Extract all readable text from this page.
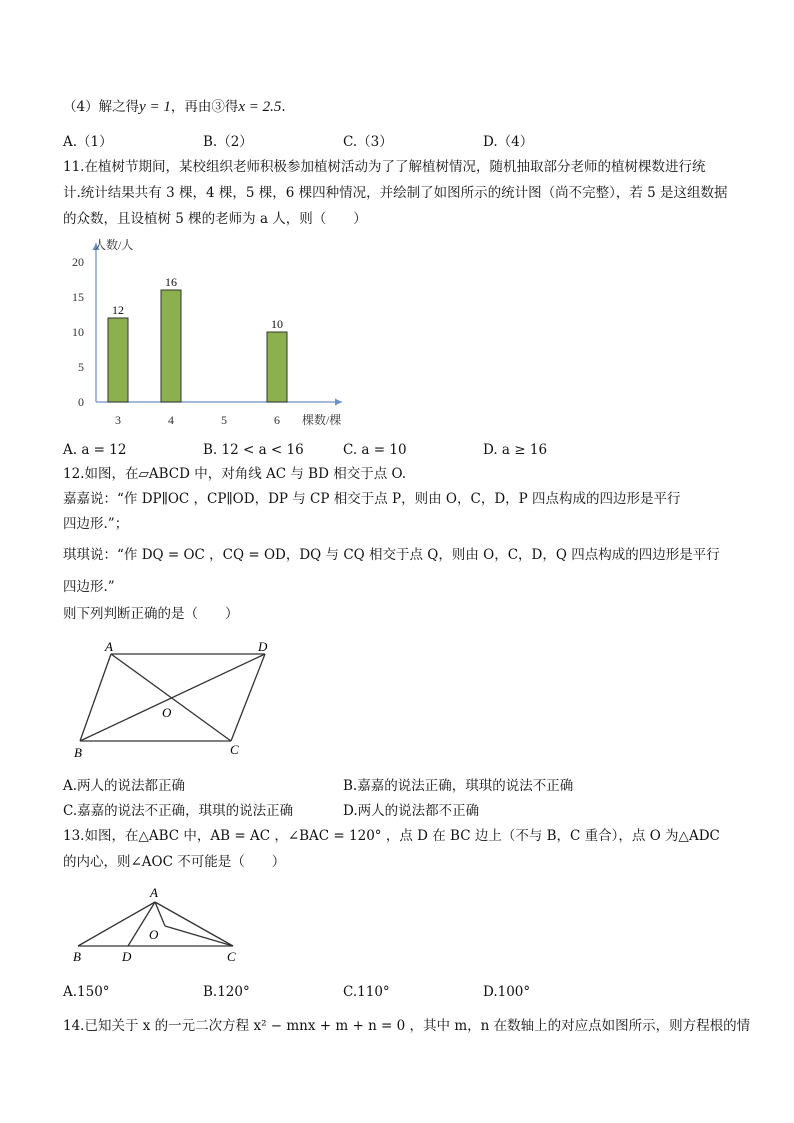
（4）解之得y = 1，再由③得x = 2.5.
A.（1）	B.（2）	C.（3）	D.（4）
11.在植树节期间，某校组织老师积极参加植树活动为了了解植树情况，随机抽取部分老师的植树棵数进行统
计.统计结果共有 3 棵，4 棵，5 棵，6 棵四种情况，并绘制了如图所示的统计图（尚不完整），若 5 是这组数据
的众数，且设植树 5 棵的老师为 a 人，则（　　）
0
5
10
15
20
人数/人
棵数/棵
3
12
4
16
5	6
10
A. a = 12	B. 12 < a < 16	C. a = 10	D. a ≥ 16
12.如图，在▱ABCD 中，对角线 AC 与 BD 相交于点 O.
嘉嘉说：“作 DP∥OC ，CP∥OD，DP 与 CP 相交于点 P，则由 O，C，D，P 四点构成的四边形是平行
四边形.”；
琪琪说：“作 DQ = OC ，CQ = OD，DQ 与 CQ 相交于点 Q，则由 O，C，D，Q 四点构成的四边形是平行
四边形.”
则下列判断正确的是（　　）
A	D
O
B	C
A.两人的说法都正确	B.嘉嘉的说法正确，琪琪的说法不正确
C.嘉嘉的说法不正确，琪琪的说法正确	D.两人的说法都不正确
13.如图，在△ABC 中，AB = AC ，∠BAC = 120° ，点 D 在 BC 边上（不与 B，C 重合），点 O 为△ADC
的内心，则∠AOC 不可能是（　　）
A
O
B	D	C
A.150°	B.120°	C.110°	D.100°
14.已知关于 x 的一元二次方程 x² − mnx + m + n = 0 ，其中 m，n 在数轴上的对应点如图所示，则方程根的情
